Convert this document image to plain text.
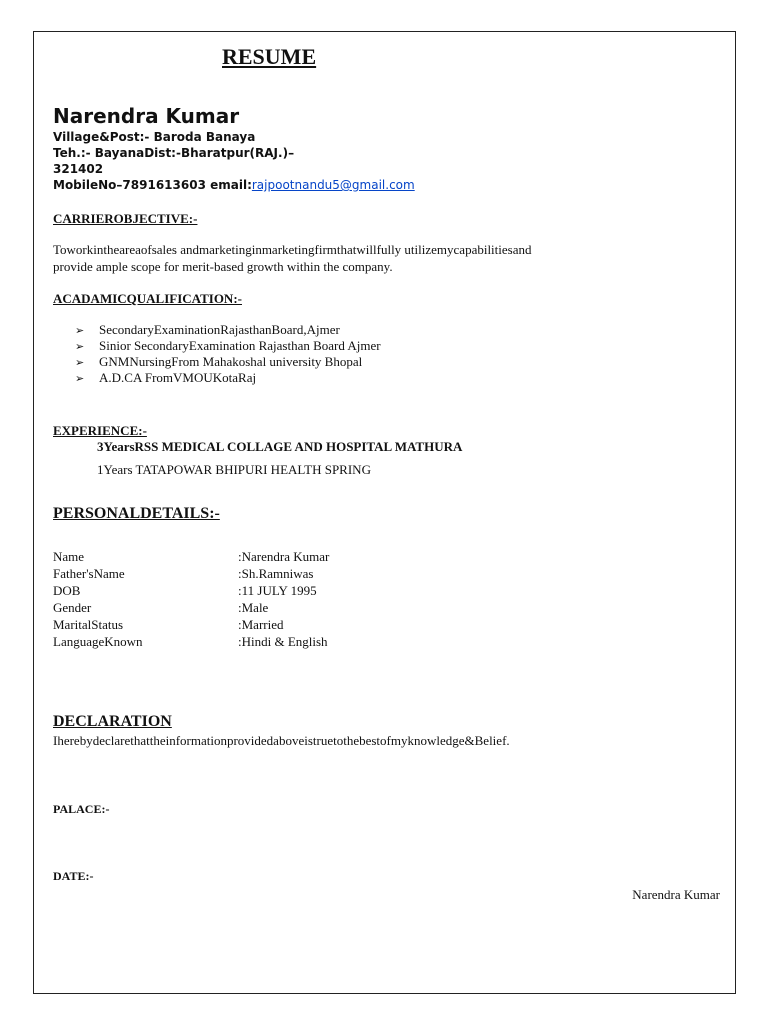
RESUME
Narendra Kumar
Village&Post:- Baroda Banaya
Teh.:- BayanaDist:-Bharatpur(RAJ.)–
321402
MobileNo–7891613603 email:rajpootnandu5@gmail.com
CARRIEROBJECTIVE:-
Toworkintheareaofsales andmarketinginmarketingfirmthatwillfully utilizemycapabilitiesand
provide ample scope for merit-based growth within the company.
ACADAMICQUALIFICATION:-
➢ SecondaryExaminationRajasthanBoard,Ajmer
➢ Sinior SecondaryExamination Rajasthan Board Ajmer
➢ GNMNursingFrom Mahakoshal university Bhopal
➢ A.D.CA FromVMOUKotaRaj
EXPERIENCE:-
3YearsRSS MEDICAL COLLAGE AND HOSPITAL MATHURA
1Years TATAPOWAR BHIPURI HEALTH SPRING
PERSONALDETAILS:-
Name	:Narendra Kumar
Father'sName	:Sh.Ramniwas
DOB	:11 JULY 1995
Gender	:Male
MaritalStatus	:Married
LanguageKnown	:Hindi & English
DECLARATION
Iherebydeclarethattheinformationprovidedaboveistruetothebestofmyknowledge&Belief.
PALACE:-
DATE:-
Narendra Kumar
